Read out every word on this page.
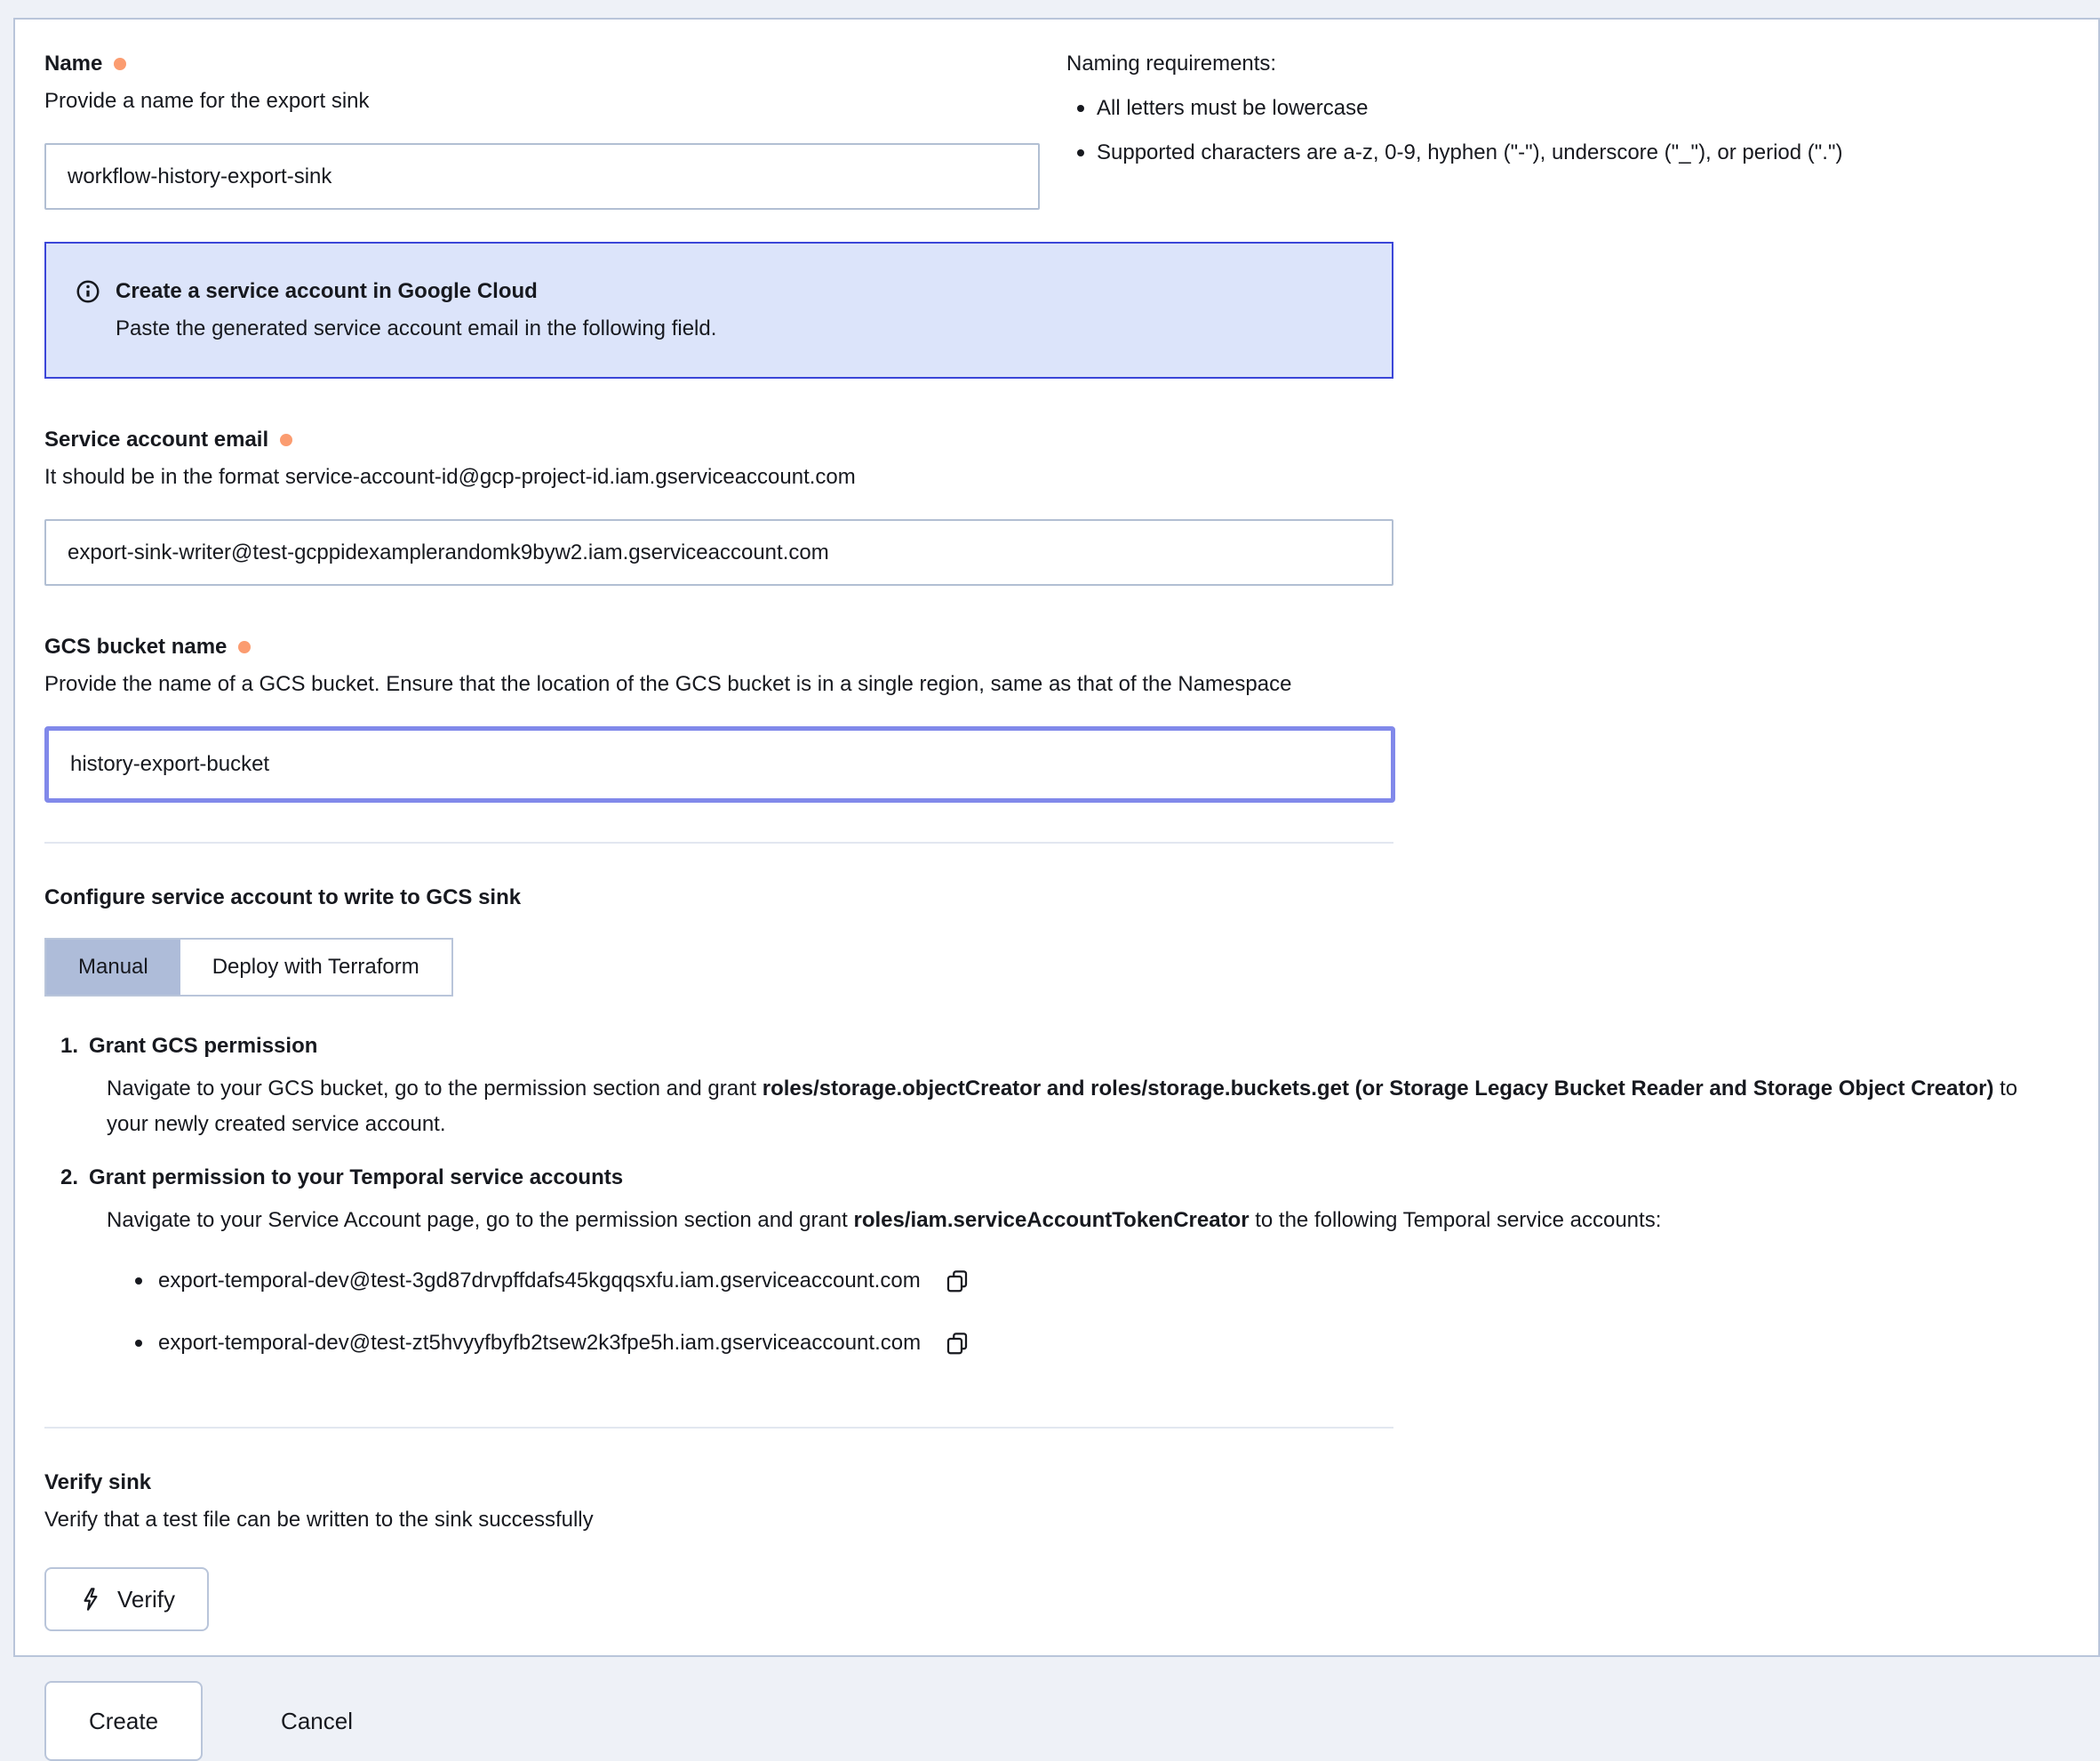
Name
Provide a name for the export sink
workflow-history-export-sink
Naming requirements:
All letters must be lowercase
Supported characters are a-z, 0-9, hyphen ("-"), underscore ("_"), or period (".")
Create a service account in Google Cloud
Paste the generated service account email in the following field.
Service account email
It should be in the format service-account-id@gcp-project-id.iam.gserviceaccount.com
export-sink-writer@test-gcppidexamplerandomk9byw2.iam.gserviceaccount.com
GCS bucket name
Provide the name of a GCS bucket. Ensure that the location of the GCS bucket is in a single region, same as that of the Namespace
history-export-bucket
Configure service account to write to GCS sink
Manual	Deploy with Terraform
1. Grant GCS permission
Navigate to your GCS bucket, go to the permission section and grant roles/storage.objectCreator and roles/storage.buckets.get (or Storage Legacy Bucket Reader and Storage Object Creator) to your newly created service account.
2. Grant permission to your Temporal service accounts
Navigate to your Service Account page, go to the permission section and grant roles/iam.serviceAccountTokenCreator to the following Temporal service accounts:
export-temporal-dev@test-3gd87drvpffdafs45kgqqsxfu.iam.gserviceaccount.com
export-temporal-dev@test-zt5hvyyfbyfb2tsew2k3fpe5h.iam.gserviceaccount.com
Verify sink
Verify that a test file can be written to the sink successfully
Verify
Create	Cancel
